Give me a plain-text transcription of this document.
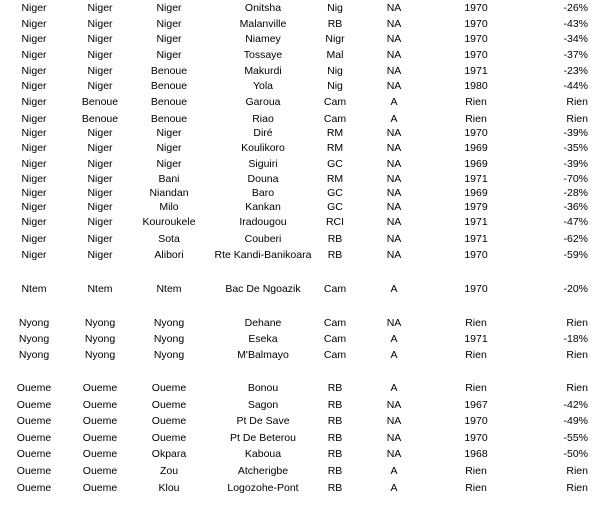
Niger	Niger	Niger	Onitsha	Nig	NA	1970	-26%
Niger	Niger	Niger	Malanville	RB	NA	1970	-43%
Niger	Niger	Niger	Niamey	Nigr	NA	1970	-34%
Niger	Niger	Niger	Tossaye	Mal	NA	1970	-37%
Niger	Niger	Benoue	Makurdi	Nig	NA	1971	-23%
Niger	Niger	Benoue	Yola	Nig	NA	1980	-44%
Niger	Benoue	Benoue	Garoua	Cam	A	Rien	Rien
Niger	Benoue	Benoue	Riao	Cam	A	Rien	Rien
Niger	Niger	Niger	Diré	RM	NA	1970	-39%
Niger	Niger	Niger	Koulikoro	RM	NA	1969	-35%
Niger	Niger	Niger	Siguiri	GC	NA	1969	-39%
Niger	Niger	Bani	Douna	RM	NA	1971	-70%
Niger	Niger	Niandan	Baro	GC	NA	1969	-28%
Niger	Niger	Milo	Kankan	GC	NA	1979	-36%
Niger	Niger	Kouroukele	Iradougou	RCI	NA	1971	-47%
Niger	Niger	Sota	Couberi	RB	NA	1971	-62%
Niger	Niger	Alibori	Rte Kandi-Banikoara	RB	NA	1970	-59%
Ntem	Ntem	Ntem	Bac De Ngoazik	Cam	A	1970	-20%
Nyong	Nyong	Nyong	Dehane	Cam	NA	Rien	Rien
Nyong	Nyong	Nyong	Eseka	Cam	A	1971	-18%
Nyong	Nyong	Nyong	M'Balmayo	Cam	A	Rien	Rien
Oueme	Oueme	Oueme	Bonou	RB	A	Rien	Rien
Oueme	Oueme	Oueme	Sagon	RB	NA	1967	-42%
Oueme	Oueme	Oueme	Pt De Save	RB	NA	1970	-49%
Oueme	Oueme	Oueme	Pt De Beterou	RB	NA	1970	-55%
Oueme	Oueme	Okpara	Kaboua	RB	NA	1968	-50%
Oueme	Oueme	Zou	Atcherigbe	RB	A	Rien	Rien
Oueme	Oueme	Klou	Logozohe-Pont	RB	A	Rien	Rien
